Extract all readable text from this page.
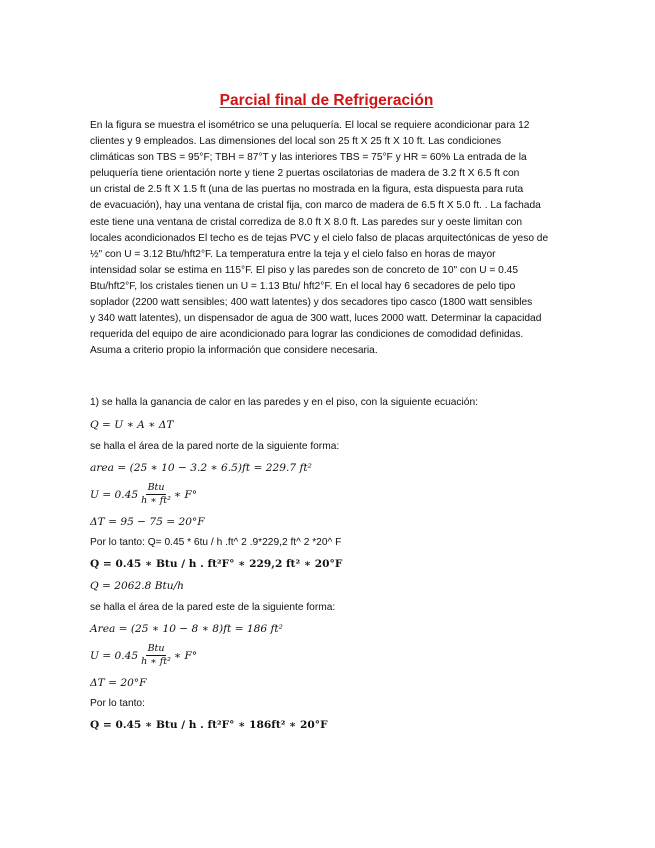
Parcial final de Refrigeración
En la figura se muestra el isométrico se una peluquería. El local se requiere acondicionar para 12
clientes y 9 empleados. Las dimensiones del local son 25 ft X 25 ft X 10 ft. Las condiciones
climáticas son TBS = 95°F; TBH = 87°T y las interiores TBS = 75°F y HR = 60% La entrada de la
peluquería tiene orientación norte y tiene 2 puertas oscilatorias de madera de 3.2 ft X 6.5 ft con
un cristal de 2.5 ft X 1.5 ft (una de las puertas no mostrada en la figura, esta dispuesta para ruta
de evacuación), hay una ventana de cristal fija, con marco de madera de 6.5 ft X 5.0 ft. . La fachada
este tiene una ventana de cristal corrediza de 8.0 ft X 8.0 ft. Las paredes sur y oeste limitan con
locales acondicionados El techo es de tejas PVC y el cielo falso de placas arquitectónicas de yeso de
½" con U = 3.12 Btu/hft2°F. La temperatura entre la teja y el cielo falso en horas de mayor
intensidad solar se estima en 115°F. El piso y las paredes son de concreto de 10" con U = 0.45
Btu/hft2°F, los cristales tienen un U = 1.13 Btu/ hft2°F. En el local hay 6 secadores de pelo tipo
soplador (2200 watt sensibles; 400 watt latentes) y dos secadores tipo casco (1800 watt sensibles
y 340 watt latentes), un dispensador de agua de 300 watt, luces 2000 watt. Determinar la capacidad
requerida del equipo de aire acondicionado para lograr las condiciones de comodidad definidas.
Asuma a criterio propio la información que considere necesaria.

1) se halla la ganancia de calor en las paredes y en el piso, con la siguiente ecuación:

Q = U ∗ A ∗ ΔT

se halla el área de la pared norte de la siguiente forma:

area = (25 ∗ 10 − 3.2 ∗ 6.5)ft = 229.7 ft²

$U = 0.45 \frac{\text{Btu}}{\text{h ∗ ft²}}$ ∗ F°

ΔT = 95 − 75 = 20°F

Por lo tanto: Q= 0.45 * 6tu / h .ft^ 2 .9*229,2 ft^ 2 *20^ F

Q = 0.45 ∗ Btu / h . ft²F° ∗ 229,2 ft² ∗ 20°F

Q = 2062.8 Btu/h

se halla el área de la pared este de la siguiente forma:

Area = (25 ∗ 10 − 8 ∗ 8)ft = 186 ft²

$U = 0.45 \frac{\text{Btu}}{\text{h ∗ ft²}}$ ∗ F°

ΔT = 20°F

Por lo tanto:

Q = 0.45 ∗ Btu / h . ft²F° ∗ 186ft² ∗ 20°F
